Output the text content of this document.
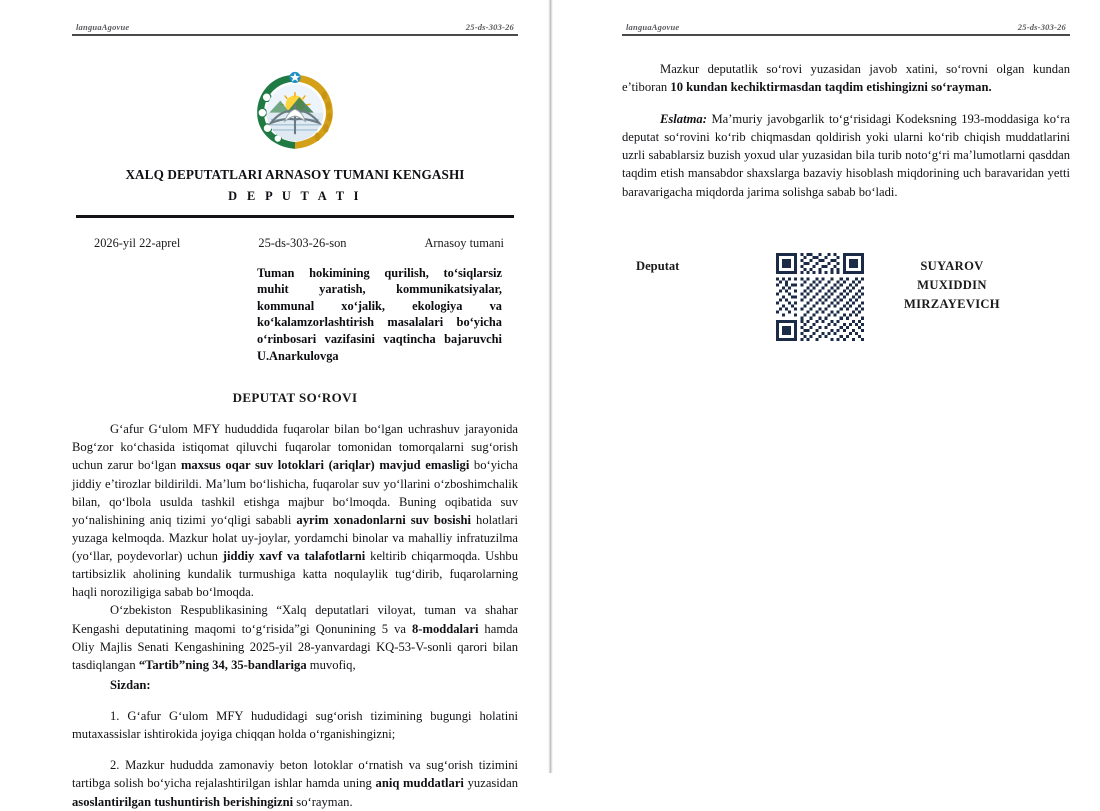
languaAgovue	25-ds-303-26
XALQ DEPUTATLARI ARNASOY TUMANI KENGASHI
D E P U T A T I
2026-yil 22-aprel	25-ds-303-26-son	Arnasoy tumani
Tuman hokimining qurilish, to‘siqlarsiz muhit yaratish, kommunikatsiyalar, kommunal xo‘jalik, ekologiya va ko‘kalamzorlashtirish masalalari bo‘yicha o‘rinbosari vazifasini vaqtincha bajaruvchi U.Anarkulovga
DEPUTAT SO‘ROVI

G‘afur G‘ulom MFY hududdida fuqarolar bilan bo‘lgan uchrashuv jarayonida Bog‘zor ko‘chasida istiqomat qiluvchi fuqarolar tomonidan tomorqalarni sug‘orish uchun zarur bo‘lgan maxsus oqar suv lotoklari (ariqlar) mavjud emasligi bo‘yicha jiddiy e’tirozlar bildirildi. Ma’lum bo‘lishicha, fuqarolar suv yo‘llarini o‘zboshimchalik bilan, qo‘lbola usulda tashkil etishga majbur bo‘lmoqda. Buning oqibatida suv yo‘nalishining aniq tizimi yo‘qligi sababli ayrim xonadonlarni suv bosishi holatlari yuzaga kelmoqda. Mazkur holat uy-joylar, yordamchi binolar va mahalliy infratuzilma (yo‘llar, poydevorlar) uchun jiddiy xavf va talafotlarni keltirib chiqarmoqda. Ushbu tartibsizlik aholining kundalik turmushiga katta noqulaylik tug‘dirib, fuqarolarning haqli noroziligiga sabab bo‘lmoqda.

O‘zbekiston Respublikasining “Xalq deputatlari viloyat, tuman va shahar Kengashi deputatining maqomi to‘g‘risida”gi Qonunining 5 va 8-moddalari hamda Oliy Majlis Senati Kengashining 2025-yil 28-yanvardagi KQ-53-V-sonli qarori bilan tasdiqlangan “Tartib”ning 34, 35-bandlariga muvofiq,

Sizdan:

1. G‘afur G‘ulom MFY hududidagi sug‘orish tizimining bugungi holatini mutaxassislar ishtirokida joyiga chiqqan holda o‘rganishingizni;

2. Mazkur hududda zamonaviy beton lotoklar o‘rnatish va sug‘orish tizimini tartibga solish bo‘yicha rejalashtirilgan ishlar hamda uning aniq muddatlari yuzasidan asoslantirilgan tushuntirish berishingizni so‘rayman.

languaAgovue	25-ds-303-26

Mazkur deputatlik so‘rovi yuzasidan javob xatini, so‘rovni olgan kundan e’tiboran 10 kundan kechiktirmasdan taqdim etishingizni so‘rayman.

Eslatma: Ma’muriy javobgarlik to‘g‘risidagi Kodeksning 193-moddasiga ko‘ra deputat so‘rovini ko‘rib chiqmasdan qoldirish yoki ularni ko‘rib chiqish muddatlarini uzrli sabablarsiz buzish yoxud ular yuzasidan bila turib noto‘g‘ri ma’lumotlarni qasddan taqdim etish mansabdor shaxslarga bazaviy hisoblash miqdorining uch baravaridan yetti baravarigacha miqdorda jarima solishga sabab bo‘ladi.

Deputat	SUYAROV
MUXIDDIN
MIRZAYEVICH
